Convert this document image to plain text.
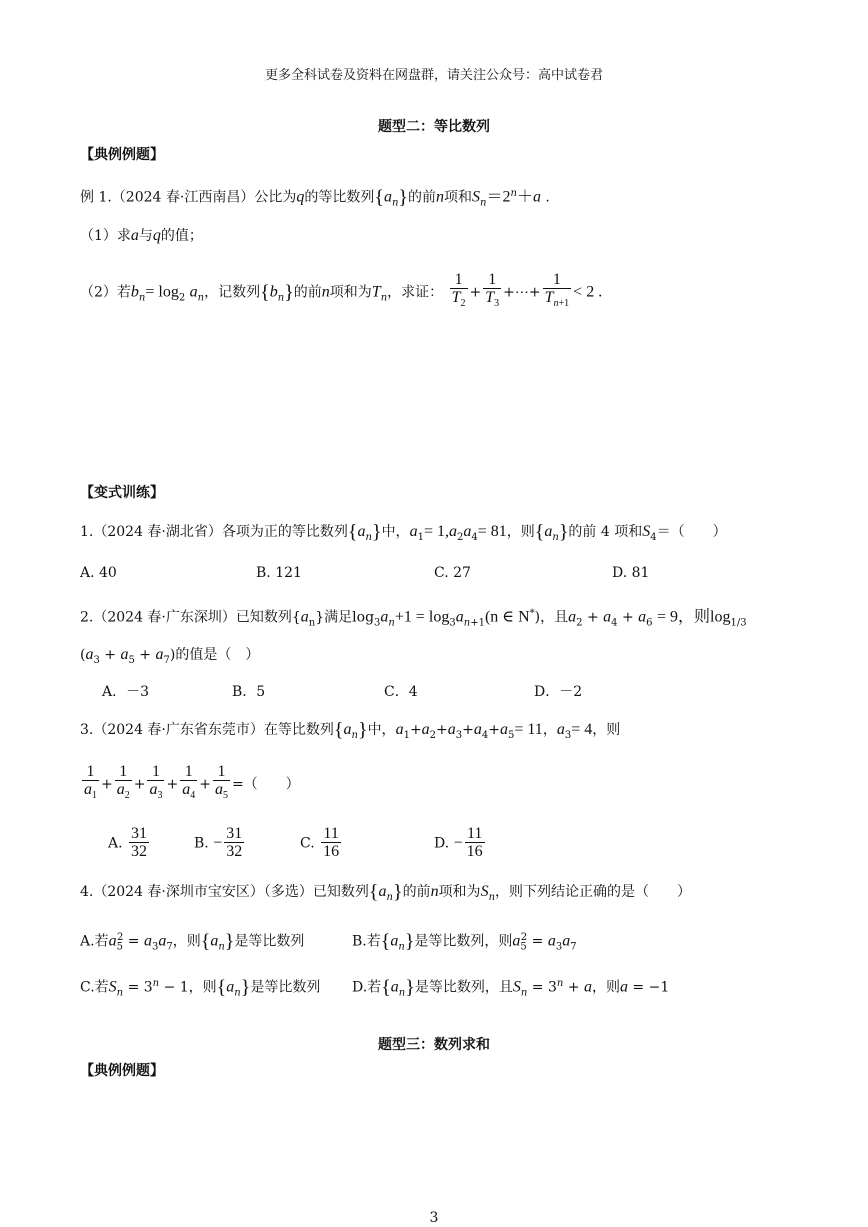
更多全科试卷及资料在网盘群，请关注公众号：高中试卷君
题型二：等比数列
【典例例题】
例 1.（2024 春·江西南昌）公比为q的等比数列$\{a_n\}$的前n项和$S_n=2^n+a$ .
（1）求a与q的值；
（2）若$b_n= \log_2 a_n$，记数列$\{b_n\}$的前n项和为$T_n$，求证： $\frac{1}{T_2} + \frac{1}{T_3}$ +⋯+ $\frac{1}{T_{n+1}} < 2$ .
【变式训练】
1.（2024 春·湖北省）各项为正的等比数列$\{a_n\}$中，$a_1= 1,a_2a_4= 81$，则$\{a_n\}$的前 4 项和$S_4=$（　　）
A. 40	B. 121	C. 27	D. 81
2.（2024 春·广东深圳）已知数列$\{a_n\}$满足$\log_3a_n+1 = \log_3a_{n+1}(n$ ∈ N*)，且$a_2 + a_4 + a_6 = 9$，则$\log_{1/3}$
$(a_3 + a_5 + a_7)$的值是（　）
A．－3	B．5	C．4	D．－2
3.（2024 春·广东省东莞市）在等比数列$\{a_n\}$中，$a_1+a_2+a_3+a_4+a_5= 11$，$a_3= 4$，则
$\frac{1}{a_1} + \frac{1}{a_2} + \frac{1}{a_3} + \frac{1}{a_4} + \frac{1}{a_5}$ =（　　）
A. $\frac{31}{32}$	B. − $\frac{31}{32}$	C. $\frac{11}{16}$	D. − $\frac{11}{16}$
4.（2024 春·深圳市宝安区）（多选）已知数列$\{a_n\}$的前n项和为$S_n$，则下列结论正确的是（　　）
A.若$a_5^2 = a_3a_7$，则$\{a_n\}$是等比数列	B.若$\{a_n\}$是等比数列，则$a_5^2 = a_3a_7$
C.若$S_n = 3^n - 1$，则$\{a_n\}$是等比数列 D.若$\{a_n\}$是等比数列，且$S_n = 3^n + a$，则a = −1
题型三：数列求和
【典例例题】
3
